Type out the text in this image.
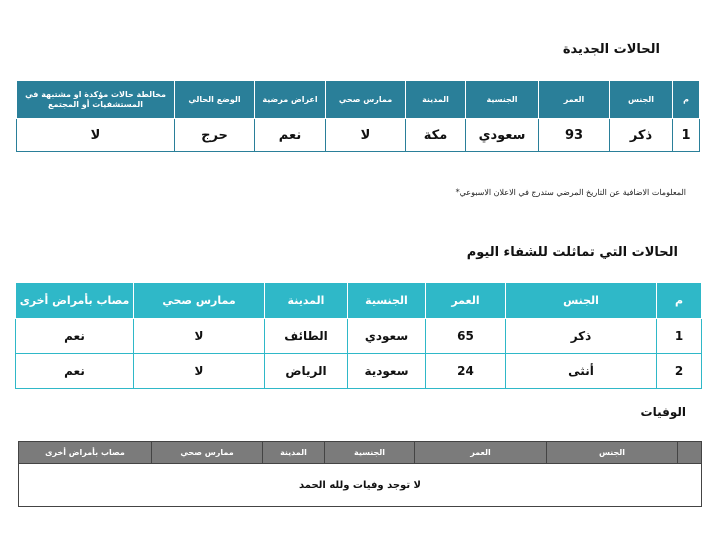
الحالات الجديدة
م	الجنس	العمر	الجنسية	المدينة	ممارس صحي	اعراض مرضية	الوضع الحالي	مخالطة حالات مؤكدة او مشتبهة في المستشفيات أو المجتمع
1	ذكر	93	سعودي	مكة	لا	نعم	حرج	لا
المعلومات الاضافية عن التاريخ المرضي ستدرج في الاعلان الاسبوعي*
الحالات التي تماثلت للشفاء اليوم
م	الجنس	العمر	الجنسية	المدينة	ممارس صحي	مصاب بأمراض أخرى
1	ذكر	65	سعودي	الطائف	لا	نعم
2	أنثى	24	سعودية	الرياض	لا	نعم
الوفيات
	الجنس	العمر	الجنسية	المدينة	ممارس صحي	مصاب بأمراض أخرى
لا توجد وفيات ولله الحمد
